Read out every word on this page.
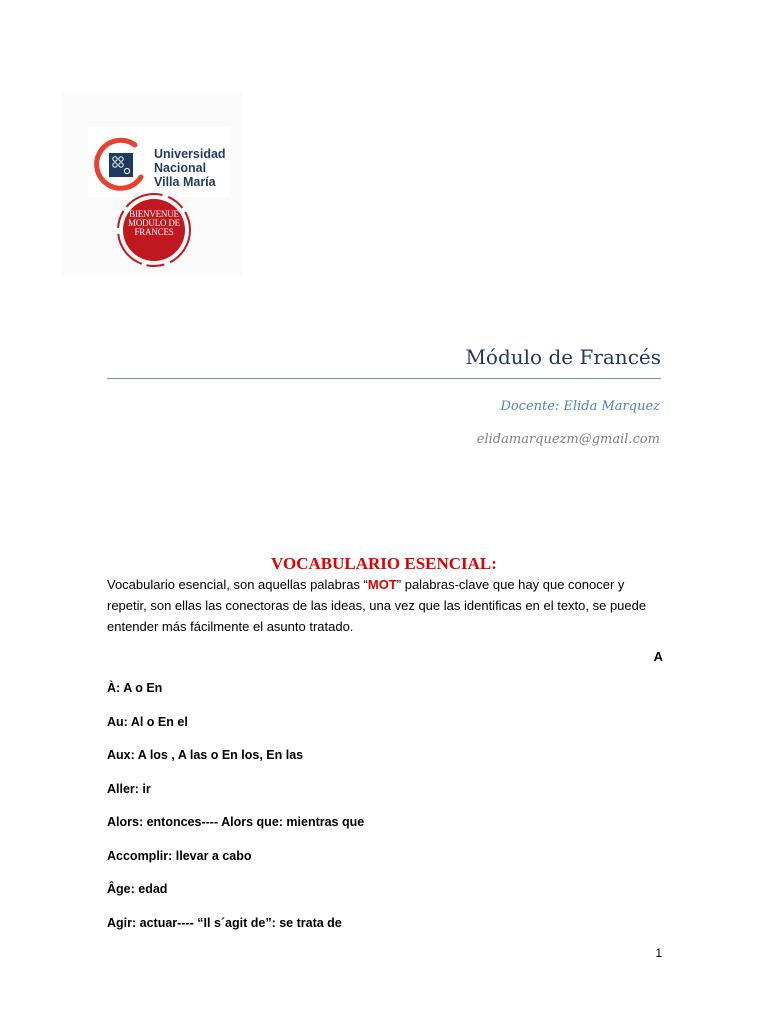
Universidad
Nacional
Villa María
BIENVENUE
MODULO DE
FRANCES
Módulo de Francés
Docente: Elida Marquez
elidamarquezm@gmail.com
VOCABULARIO ESENCIAL:
Vocabulario esencial, son aquellas palabras “MOT” palabras-clave que hay que conocer y repetir, son ellas las conectoras de las ideas, una vez que las identificas en el texto, se puede entender más fácilmente el asunto tratado.
A
À: A o En
Au: Al o En el
Aux: A los , A las o En los, En las
Aller: ir
Alors: entonces---- Alors que: mientras que
Accomplir: llevar a cabo
Âge: edad
Agir: actuar---- “Il s´agit de”: se trata de
1
